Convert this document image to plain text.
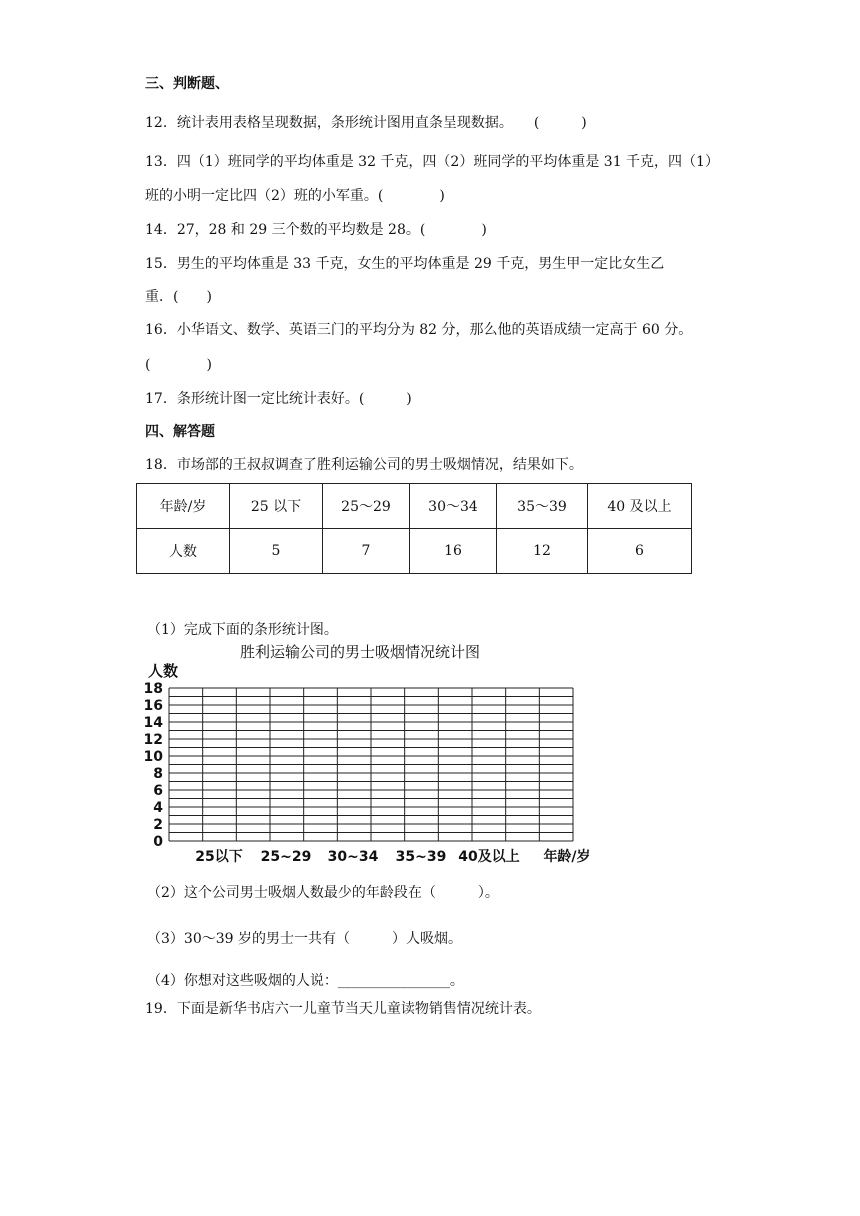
三、判断题、
12．统计表用表格呈现数据，条形统计图用直条呈现数据。　　(　　　)
13．四（1）班同学的平均体重是 32 千克，四（2）班同学的平均体重是 31 千克，四（1）
班的小明一定比四（2）班的小军重。(　　　　)
14．27，28 和 29 三个数的平均数是 28。(　　　　)
15．男生的平均体重是 33 千克，女生的平均体重是 29 千克，男生甲一定比女生乙
重．(　　)
16．小华语文、数学、英语三门的平均分为 82 分，那么他的英语成绩一定高于 60 分。
(　　　　)
17．条形统计图一定比统计表好。(　　　)
四、解答题
18．市场部的王叔叔调查了胜利运输公司的男士吸烟情况，结果如下。
年龄/岁	25 以下	25～29	30～34	35～39	40 及以上
人数	5	7	16	12	6
（1）完成下面的条形统计图。
胜利运输公司的男士吸烟情况统计图
人数
0
2
4
6
8
10
12
14
16
18
25以下 25~29 30~34 35~39 40及以上 年龄/岁
（2）这个公司男士吸烟人数最少的年龄段在（　　　）。
（3）30～39 岁的男士一共有（　　　）人吸烟。
（4）你想对这些吸烟的人说：________________。
19．下面是新华书店六一儿童节当天儿童读物销售情况统计表。
